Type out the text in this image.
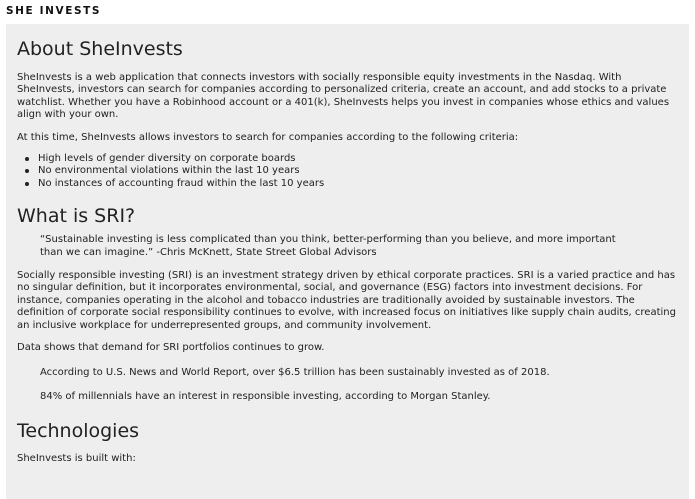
SHE INVESTS
About SheInvests

SheInvests is a web application that connects investors with socially responsible equity investments in the Nasdaq. With SheInvests, investors can search for companies according to personalized criteria, create an account, and add stocks to a private watchlist. Whether you have a Robinhood account or a 401(k), SheInvests helps you invest in companies whose ethics and values align with your own.

At this time, SheInvests allows investors to search for companies according to the following criteria:

High levels of gender diversity on corporate boards
No environmental violations within the last 10 years
No instances of accounting fraud within the last 10 years
What is SRI?

“Sustainable investing is less complicated than you think, better-performing than you believe, and more important than we can imagine.” -Chris McKnett, State Street Global Advisors

Socially responsible investing (SRI) is an investment strategy driven by ethical corporate practices. SRI is a varied practice and has no singular definition, but it incorporates environmental, social, and governance (ESG) factors into investment decisions. For instance, companies operating in the alcohol and tobacco industries are traditionally avoided by sustainable investors. The definition of corporate social responsibility continues to evolve, with increased focus on initiatives like supply chain audits, creating an inclusive workplace for underrepresented groups, and community involvement.

Data shows that demand for SRI portfolios continues to grow.

According to U.S. News and World Report, over $6.5 trillion has been sustainably invested as of 2018.

84% of millennials have an interest in responsible investing, according to Morgan Stanley.

Technologies

SheInvests is built with:
